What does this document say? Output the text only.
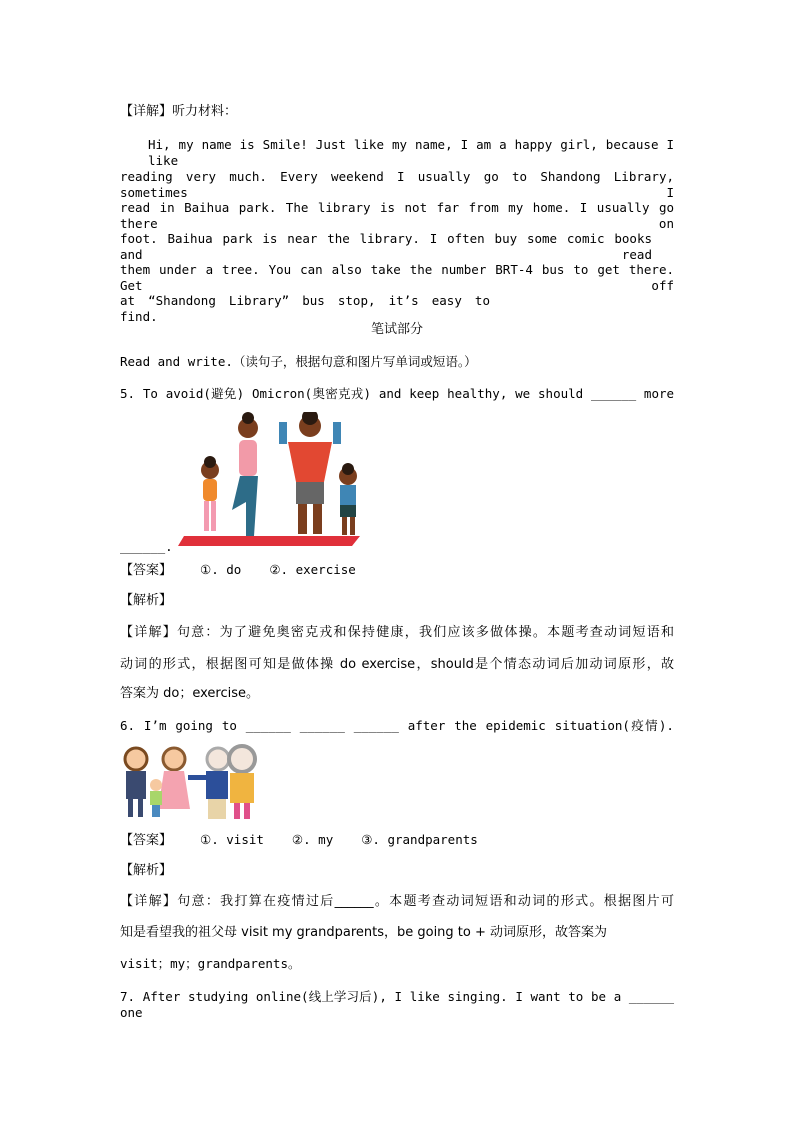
【详解】听力材料：
Hi, my name is Smile! Just like my name, I am a happy girl, because I like
reading very much. Every weekend I usually go to Shandong Library, sometimes I
read in Baihua park. The library is not far from my home. I usually go there on
foot. Baihua park is near the library. I often buy some comic books and read
them under a tree. You can also take the number BRT-4 bus to get there. Get off
at “Shandong Library” bus stop, it’s easy to find.
笔试部分
Read and write.（读句子，根据句意和图片写单词或短语。）
5. To avoid(避免) Omicron(奥密克戎) and keep healthy, we should ______ more
______.
【答案】 ①. do ②. exercise
【解析】
【详解】句意：为了避免奥密克戎和保持健康，我们应该多做体操。本题考查动词短语和
动词的形式，根据图可知是做体操 do exercise，should是个情态动词后加动词原形，故
答案为 do；exercise。
6. I’m going to ______ ______ ______ after the epidemic situation(疫情).
【答案】 ①. visit ②. my ③. grandparents
【解析】
【详解】句意：我打算在疫情过后______。本题考查动词短语和动词的形式。根据图片可
知是看望我的祖父母 visit my grandparents，be going to + 动词原形，故答案为
visit；my；grandparents。
7. After studying online(线上学习后), I like singing. I want to be a ______ one
